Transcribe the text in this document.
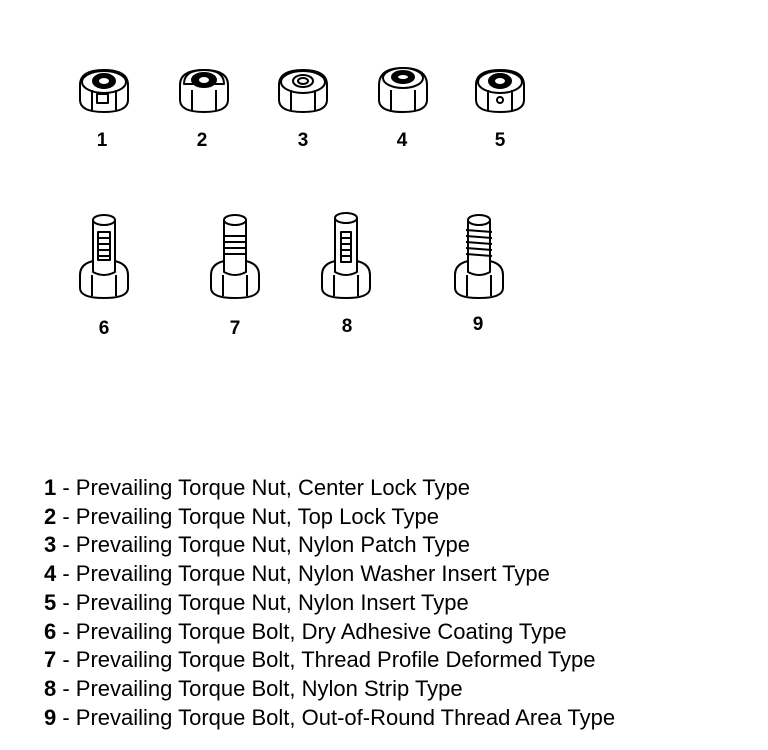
1	2	3	4	5
6	7	8	9
1 - Prevailing Torque Nut, Center Lock Type
2 - Prevailing Torque Nut, Top Lock Type
3 - Prevailing Torque Nut, Nylon Patch Type
4 - Prevailing Torque Nut, Nylon Washer Insert Type
5 - Prevailing Torque Nut, Nylon Insert Type
6 - Prevailing Torque Bolt, Dry Adhesive Coating Type
7 - Prevailing Torque Bolt, Thread Profile Deformed Type
8 - Prevailing Torque Bolt, Nylon Strip Type
9 - Prevailing Torque Bolt, Out-of-Round Thread Area Type
